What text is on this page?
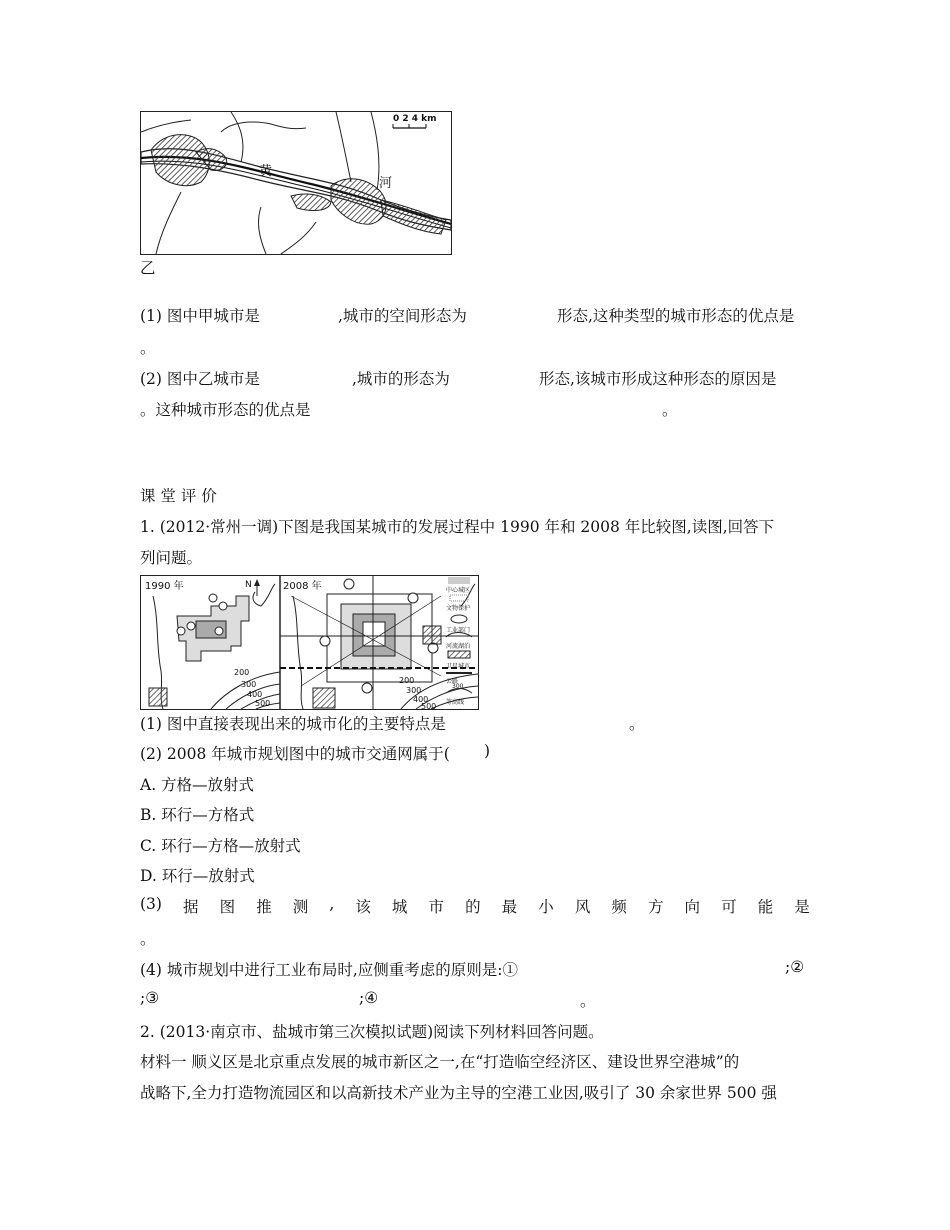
0 2 4 km
黄
河
乙
(1) 图中甲城市是	,城市的空间形态为	形态,这种类型的城市形态的优点是
。
(2) 图中乙城市是	,城市的形态为	形态,该城市形成这种形态的原因是
。这种城市形态的优点是	。
课 堂 评 价
1. (2012·常州一调)下图是我国某城市的发展过程中 1990 年和 2008 年比较图,读图,回答下
列问题。
1990 年	2008 年
N
200
300
400
500
200
300
400
500
中心城区
文物保护
工业部门
河流湖泊
卫星城市
公路
300
等高线
(1) 图中直接表现出来的城市化的主要特点是	。
(2) 2008 年城市规划图中的城市交通网属于( )
A. 方格—放射式
B. 环行—方格式
C. 环行—方格—放射式
D. 环行—放射式
(3) 据 图 推 测 , 该 城 市 的 最 小 风 频 方 向 可 能 是
。
(4) 城市规划中进行工业布局时,应侧重考虑的原则是:①	;②
;③	;④	。
2. (2013·南京市、盐城市第三次模拟试题)阅读下列材料回答问题。
材料一 顺义区是北京重点发展的城市新区之一,在“打造临空经济区、建设世界空港城”的
战略下,全力打造物流园区和以高新技术产业为主导的空港工业因,吸引了 30 余家世界 500 强
